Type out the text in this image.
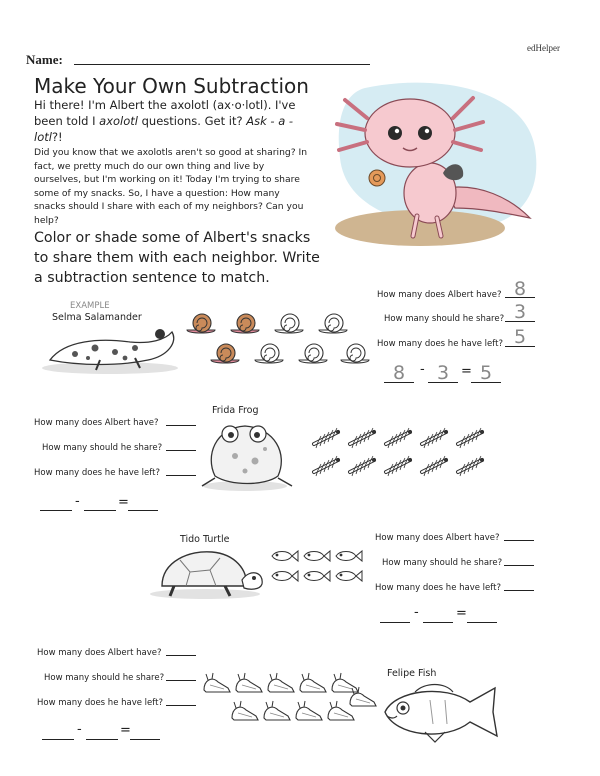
edHelper
Name:
Make Your Own Subtraction
Hi there! I'm Albert the axolotl (ax·o·lotl). I've been told I axolotl questions. Get it? Ask - a - lotl?!
Did you know that we axolotls aren't so good at sharing? In fact, we pretty much do our own thing and live by ourselves, but I'm working on it! Today I'm trying to share some of my snacks. So, I have a question: How many snacks should I share with each of my neighbors? Can you help?
Color or shade some of Albert's snacks to share them with each neighbor. Write a subtraction sentence to match.
EXAMPLE
Selma Salamander
How many does Albert have? 8
How many should he share? 3
How many does he have left? 5
8	- 3 = 5
How many does Albert have?
How many should he share?
How many does he have left?
-	=
Frida Frog
Tido Turtle	How many does Albert have?
How many should he share?
How many does he have left?
-	=
How many does Albert have?
How many should he share?
How many does he have left?
-	=
Felipe Fish
